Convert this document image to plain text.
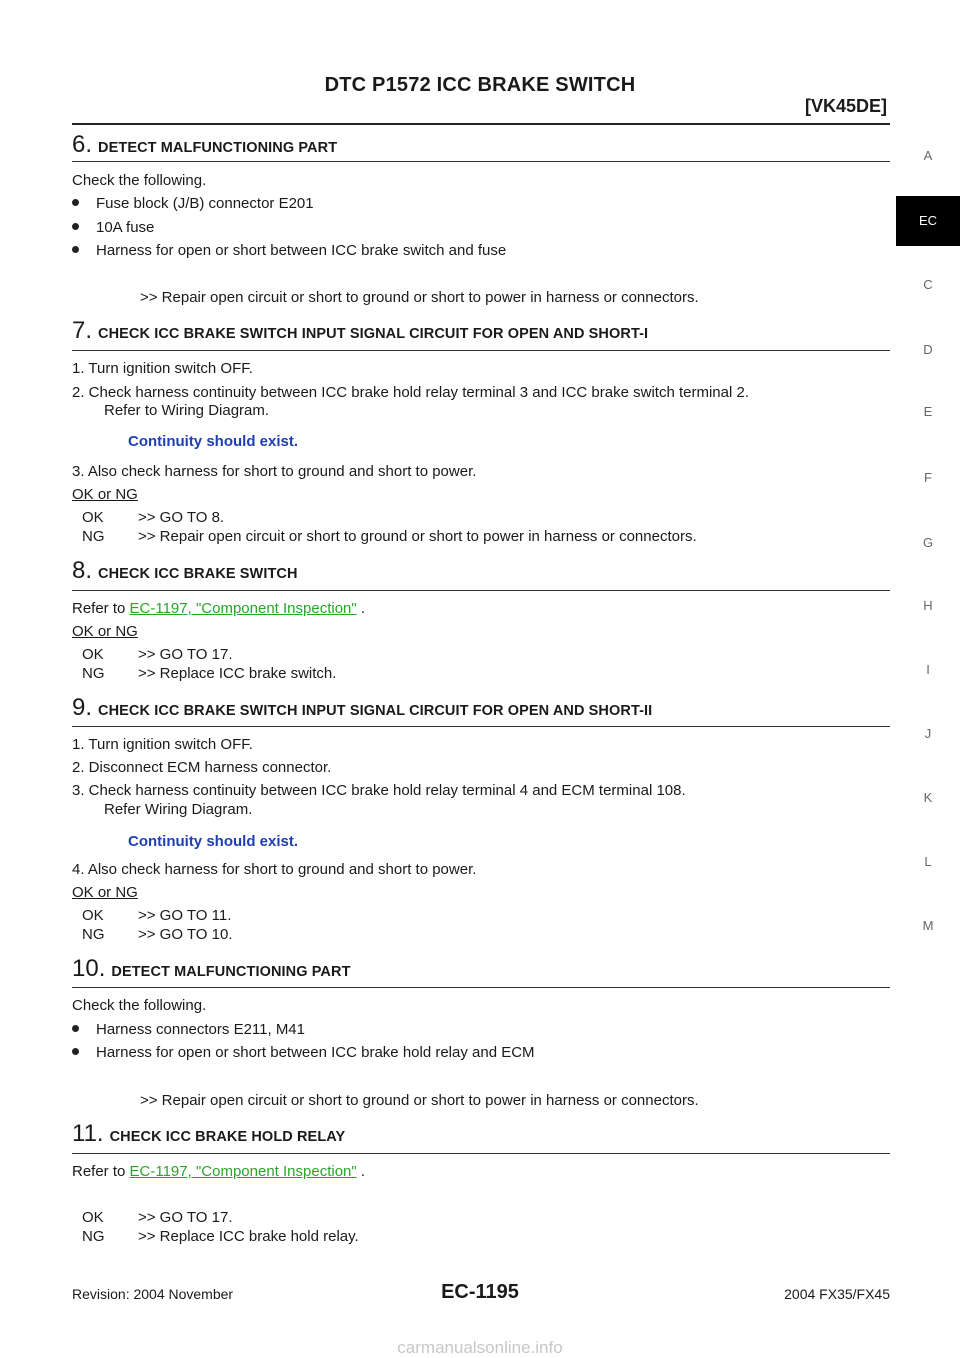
DTC P1572 ICC BRAKE SWITCH
[VK45DE]
A
EC
C
D
E
F
G
H
I
J
K
L
M
6. DETECT MALFUNCTIONING PART
Check the following.
Fuse block (J/B) connector E201
10A fuse
Harness for open or short between ICC brake switch and fuse
>> Repair open circuit or short to ground or short to power in harness or connectors.
7. CHECK ICC BRAKE SWITCH INPUT SIGNAL CIRCUIT FOR OPEN AND SHORT-I
1. Turn ignition switch OFF.
2. Check harness continuity between ICC brake hold relay terminal 3 and ICC brake switch terminal 2.
Refer to Wiring Diagram.
Continuity should exist.
3. Also check harness for short to ground and short to power.
OK or NG
OK >> GO TO 8.
NG >> Repair open circuit or short to ground or short to power in harness or connectors.
8. CHECK ICC BRAKE SWITCH
Refer to EC-1197, "Component Inspection" .
OK or NG
OK >> GO TO 17.
NG >> Replace ICC brake switch.
9. CHECK ICC BRAKE SWITCH INPUT SIGNAL CIRCUIT FOR OPEN AND SHORT-II
1. Turn ignition switch OFF.
2. Disconnect ECM harness connector.
3. Check harness continuity between ICC brake hold relay terminal 4 and ECM terminal 108.
Refer Wiring Diagram.
Continuity should exist.
4. Also check harness for short to ground and short to power.
OK or NG
OK >> GO TO 11.
NG >> GO TO 10.
10. DETECT MALFUNCTIONING PART
Check the following.
Harness connectors E211, M41
Harness for open or short between ICC brake hold relay and ECM
>> Repair open circuit or short to ground or short to power in harness or connectors.
11. CHECK ICC BRAKE HOLD RELAY
Refer to EC-1197, "Component Inspection" .
OK >> GO TO 17.
NG >> Replace ICC brake hold relay.
Revision: 2004 November	EC-1195	2004 FX35/FX45
carmanualsonline.info
